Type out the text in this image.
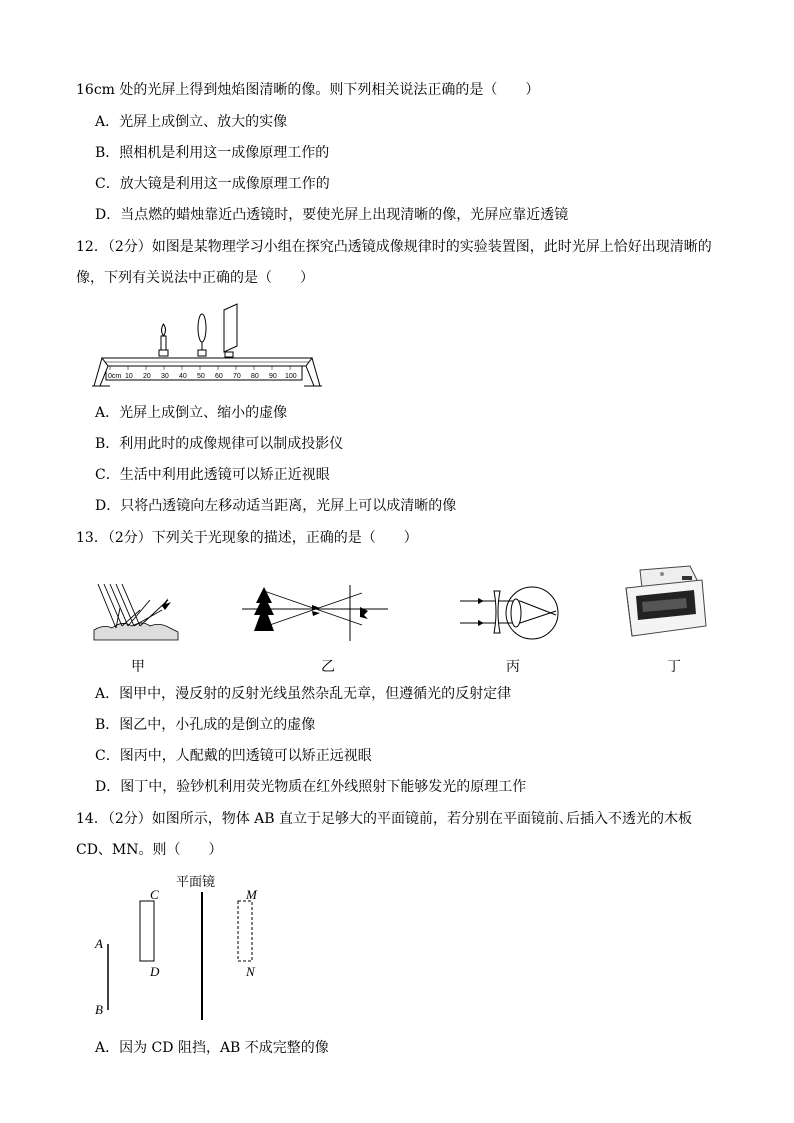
16cm 处的光屏上得到烛焰图清晰的像。则下列相关说法正确的是（　　）
A．光屏上成倒立、放大的实像
B．照相机是利用这一成像原理工作的
C．放大镜是利用这一成像原理工作的
D．当点燃的蜡烛靠近凸透镜时，要使光屏上出现清晰的像，光屏应靠近透镜
12．（2分）如图是某物理学习小组在探究凸透镜成像规律时的实验装置图，此时光屏上恰好出现清晰的
像，下列有关说法中正确的是（　　）
0cm 10 20 30 40 50 60 70 80 90 100
A．光屏上成倒立、缩小的虚像
B．利用此时的成像规律可以制成投影仪
C．生活中利用此透镜可以矫正近视眼
D．只将凸透镜向左移动适当距离，光屏上可以成清晰的像
13．（2分）下列关于光现象的描述，正确的是（　　）
甲	乙	丙	丁
A．图甲中，漫反射的反射光线虽然杂乱无章，但遵循光的反射定律
B．图乙中，小孔成的是倒立的虚像
C．图丙中，人配戴的凹透镜可以矫正远视眼
D．图丁中，验钞机利用荧光物质在红外线照射下能够发光的原理工作
14．（2分）如图所示，物体 AB 直立于足够大的平面镜前，若分别在平面镜前､后插入不透光的木板
CD、MN。则（　　）
平面镜
A
B
C
D
M
N
A．因为 CD 阻挡，AB 不成完整的像
